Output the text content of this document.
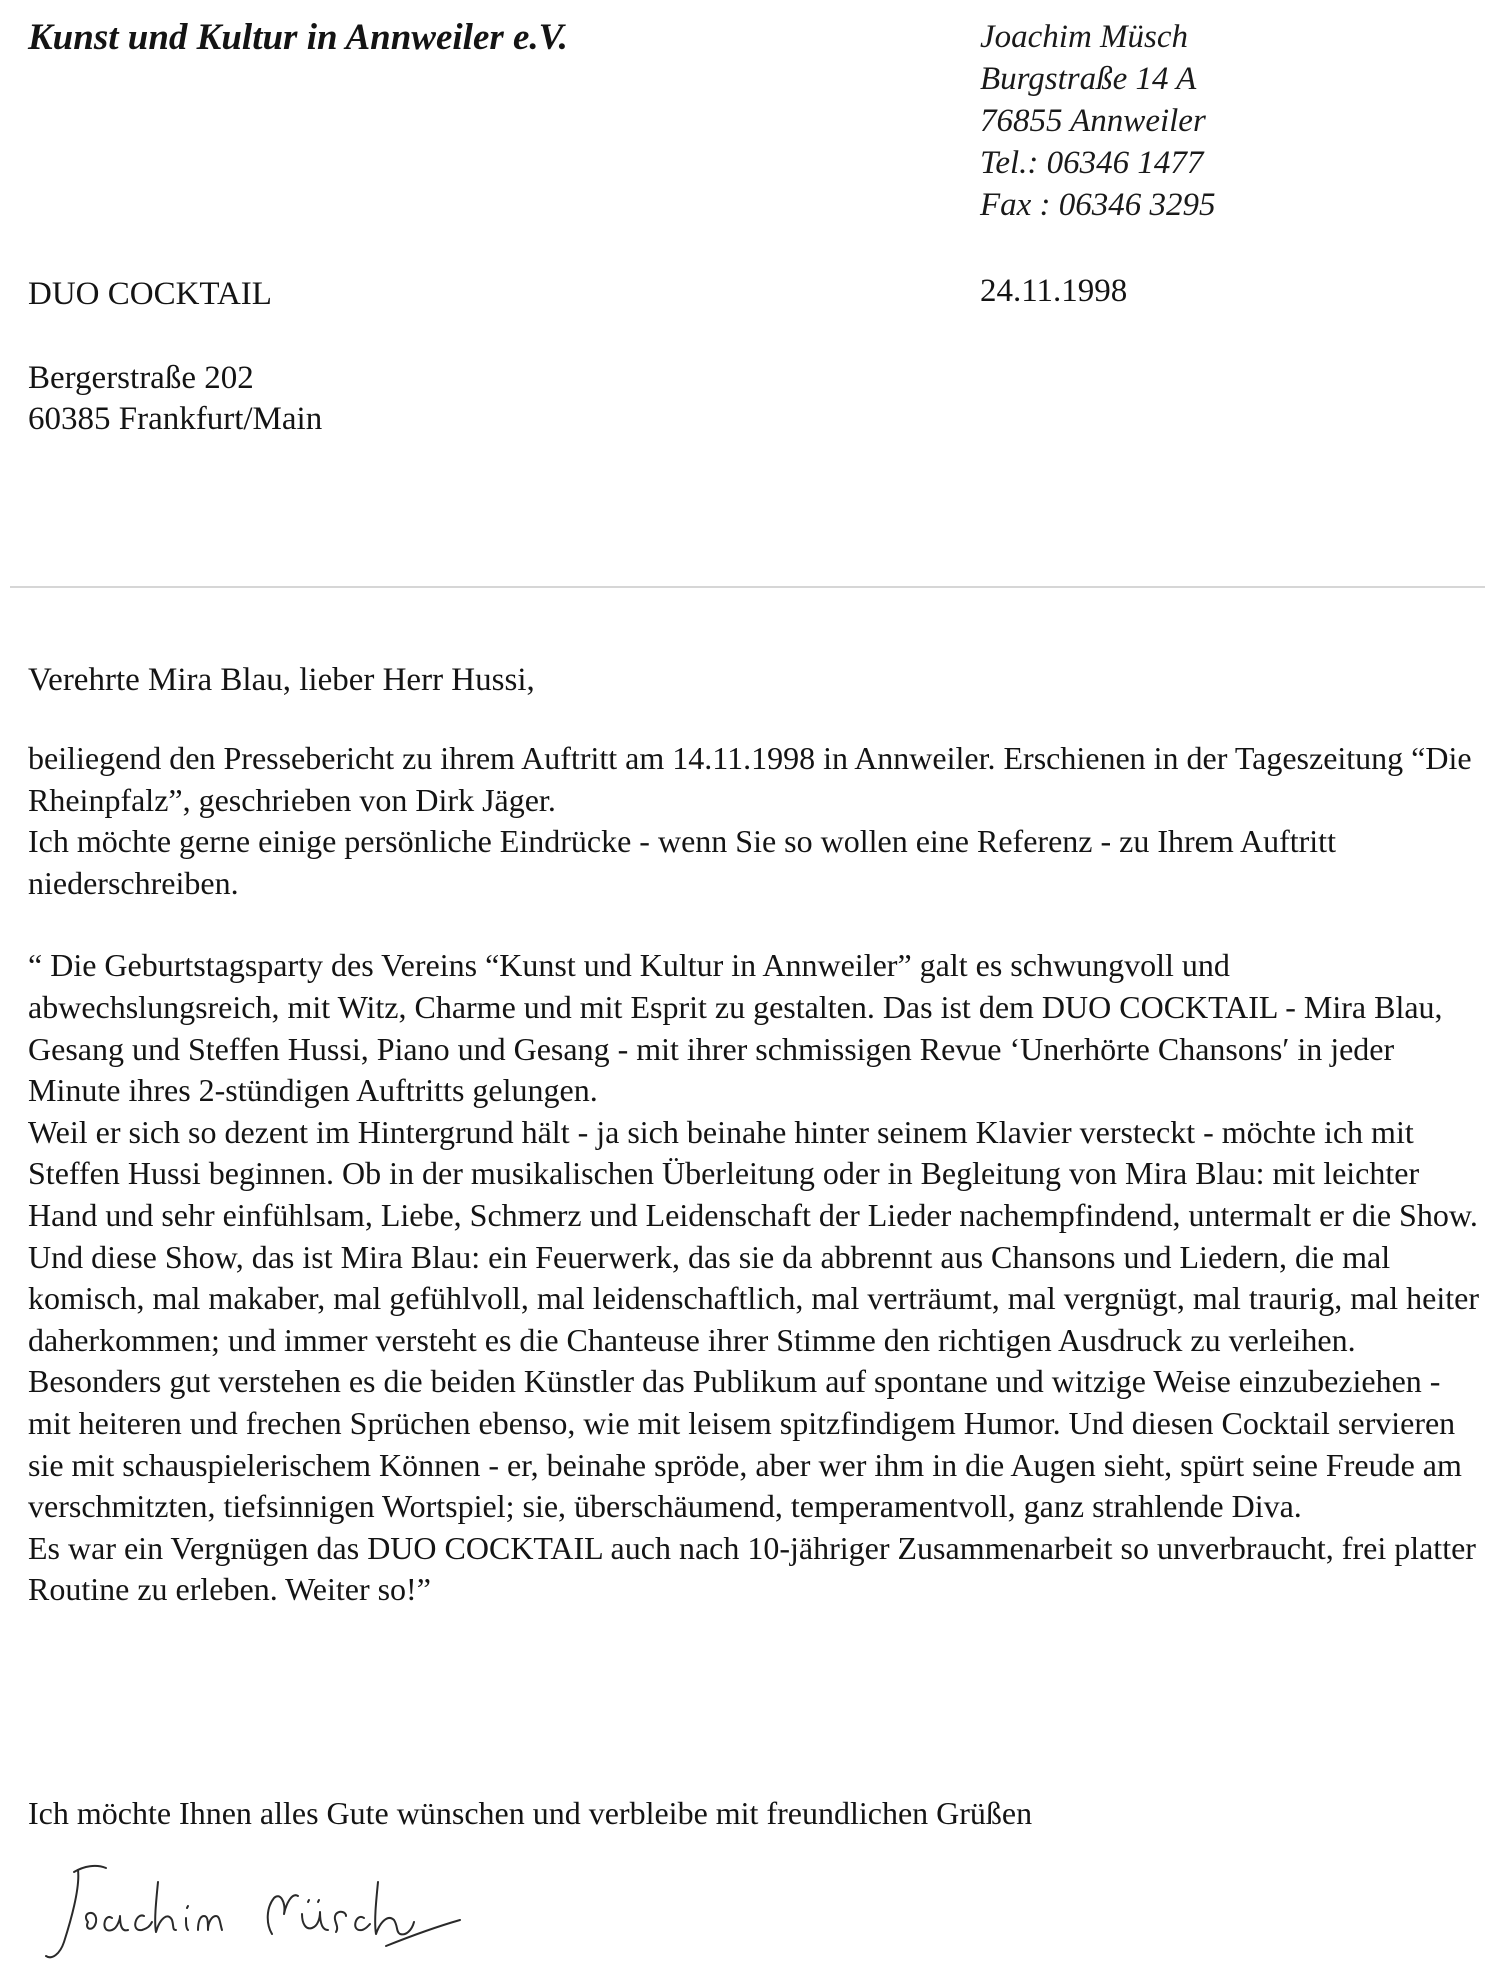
Kunst und Kultur in Annweiler e.V.	Joachim Müsch
Burgstraße 14 A
76855 Annweiler
Tel.: 06346 1477
Fax : 06346 3295
DUO COCKTAIL
Bergerstraße 202
60385 Frankfurt/Main
24.11.1998
Verehrte Mira Blau, lieber Herr Hussi,

beiliegend den Pressebericht zu ihrem Auftritt am 14.11.1998 in Annweiler. Erschienen in der Tageszeitung “Die Rheinpfalz”, geschrieben von Dirk Jäger.

Ich möchte gerne einige persönliche Eindrücke - wenn Sie so wollen eine Referenz - zu Ihrem Auftritt niederschreiben.

“ Die Geburtstagsparty des Vereins “Kunst und Kultur in Annweiler” galt es schwungvoll und abwechslungsreich, mit Witz, Charme und mit Esprit zu gestalten. Das ist dem DUO COCKTAIL - Mira Blau, Gesang und Steffen Hussi, Piano und Gesang - mit ihrer schmissigen Revue ‘Unerhörte Chansons′ in jeder Minute ihres 2-stündigen Auftritts gelungen.

Weil er sich so dezent im Hintergrund hält - ja sich beinahe hinter seinem Klavier versteckt - möchte ich mit Steffen Hussi beginnen. Ob in der musikalischen Überleitung oder in Begleitung von Mira Blau: mit leichter Hand und sehr einfühlsam, Liebe, Schmerz und Leidenschaft der Lieder nachempfindend, untermalt er die Show.

Und diese Show, das ist Mira Blau: ein Feuerwerk, das sie da abbrennt aus Chansons und Liedern, die mal komisch, mal makaber, mal gefühlvoll, mal leidenschaftlich, mal verträumt, mal vergnügt, mal traurig, mal heiter daherkommen; und immer versteht es die Chanteuse ihrer Stimme den richtigen Ausdruck zu verleihen.

Besonders gut verstehen es die beiden Künstler das Publikum auf spontane und witzige Weise einzubeziehen - mit heiteren und frechen Sprüchen ebenso, wie mit leisem spitzfindigem Humor. Und diesen Cocktail servieren sie mit schauspielerischem Können - er, beinahe spröde, aber wer ihm in die Augen sieht, spürt seine Freude am verschmitzten, tiefsinnigen Wortspiel; sie, überschäumend, temperamentvoll, ganz strahlende Diva.

Es war ein Vergnügen das DUO COCKTAIL auch nach 10-jähriger Zusammenarbeit so unverbraucht, frei platter Routine zu erleben. Weiter so!”

Ich möchte Ihnen alles Gute wünschen und verbleibe mit freundlichen Grüßen
